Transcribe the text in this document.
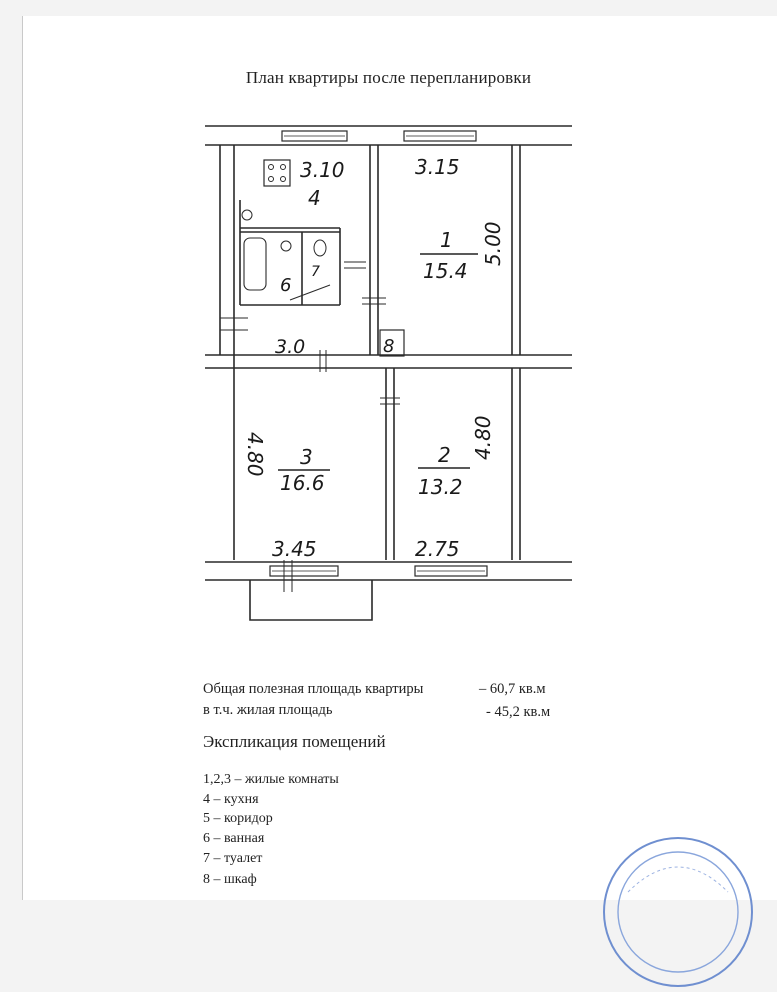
План квартиры после перепланировки
3.10	3.15
5.00
3.0
4.80	4.80
3.45	2.75
4
1
15.4
6
7
8
3
16.6
2
13.2
Общая полезная площадь квартиры	– 60,7 кв.м
в т.ч. жилая площадь	- 45,2 кв.м
Экспликация помещений
1,2,3 – жилые комнаты
4 – кухня
5 – коридор
6 – ванная
7 – туалет
8 – шкаф
